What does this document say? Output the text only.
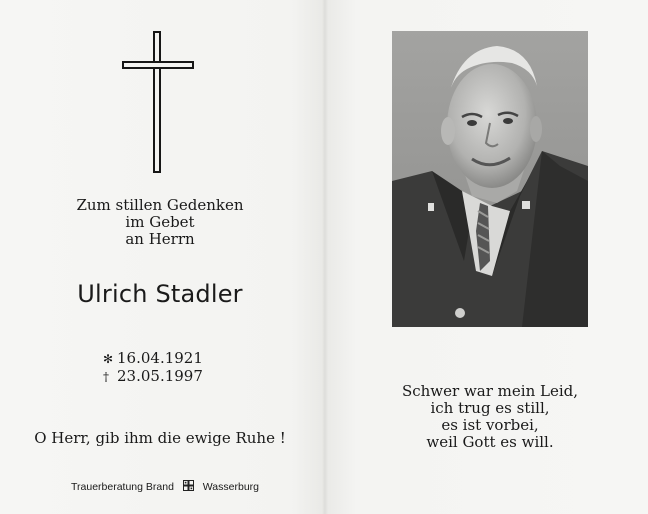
Zum stillen Gedenken
im Gebet
an Herrn
Ulrich Stadler
✻ 16.04.1921
† 23.05.1997
O Herr, gib ihm die ewige Ruhe !
Trauerberatung Brand	Wasserburg
Schwer war mein Leid,
ich trug es still,
es ist vorbei,
weil Gott es will.
